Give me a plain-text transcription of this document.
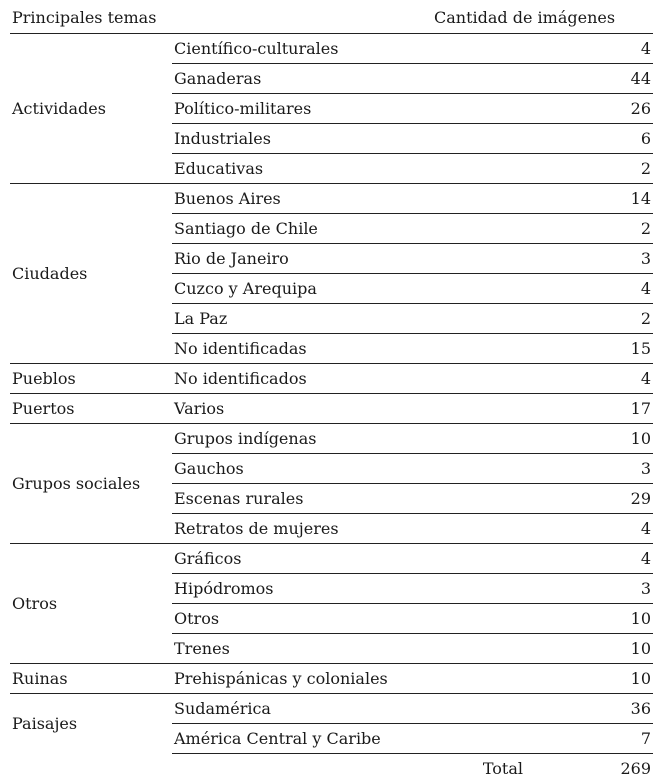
Principales temas	Cantidad de imágenes
Actividades	Científico-culturales	4
	Ganaderas	44
	Político-militares	26
	Industriales	6
	Educativas	2
Ciudades	Buenos Aires	14
	Santiago de Chile	2
	Rio de Janeiro	3
	Cuzco y Arequipa	4
	La Paz	2
	No identificadas	15
Pueblos	No identificados	4
Puertos	Varios	17
Grupos sociales	Grupos indígenas	10
	Gauchos	3
	Escenas rurales	29
	Retratos de mujeres	4
Otros	Gráficos	4
	Hipódromos	3
	Otros	10
	Trenes	10
Ruinas	Prehispánicas y coloniales	10
Paisajes	Sudamérica	36
	América Central y Caribe	7
	Total	269
